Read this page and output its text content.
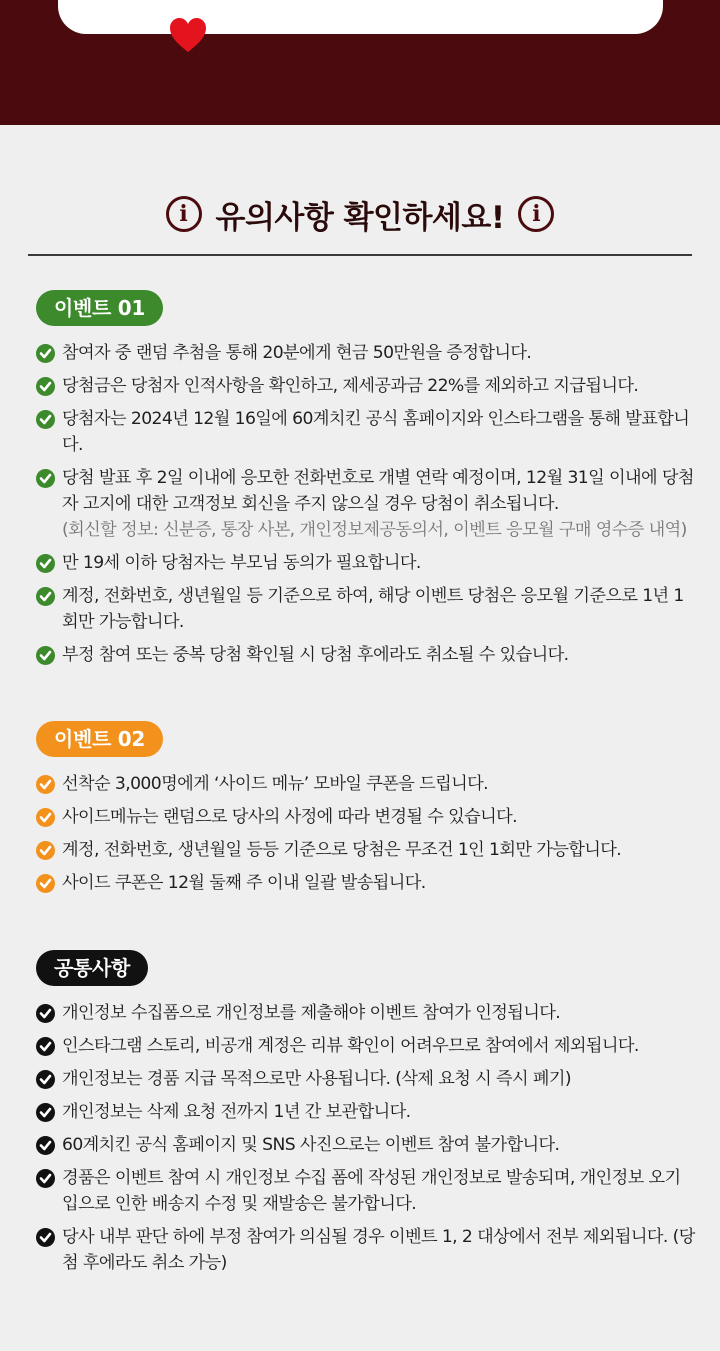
i 유의사항 확인하세요!	i
이벤트 01
참여자 중 랜덤 추첨을 통해 20분에게 현금 50만원을 증정합니다.
당첨금은 당첨자 인적사항을 확인하고, 제세공과금 22%를 제외하고 지급됩니다.
당첨자는 2024년 12월 16일에 60계치킨 공식 홈페이지와 인스타그램을 통해 발표합니다.
당첨 발표 후 2일 이내에 응모한 전화번호로 개별 연락 예정이며, 12월 31일 이내에 당첨자 고지에 대한 고객정보 회신을 주지 않으실 경우 당첨이 취소됩니다.
(회신할 정보: 신분증, 통장 사본, 개인정보제공동의서, 이벤트 응모월 구매 영수증 내역)
만 19세 이하 당첨자는 부모님 동의가 필요합니다.
계정, 전화번호, 생년월일 등 기준으로 하여, 해당 이벤트 당첨은 응모월 기준으로 1년 1회만 가능합니다.
부정 참여 또는 중복 당첨 확인될 시 당첨 후에라도 취소될 수 있습니다.
이벤트 02
선착순 3,000명에게 ‘사이드 메뉴’ 모바일 쿠폰을 드립니다.
사이드메뉴는 랜덤으로 당사의 사정에 따라 변경될 수 있습니다.
계정, 전화번호, 생년월일 등등 기준으로 당첨은 무조건 1인 1회만 가능합니다.
사이드 쿠폰은 12월 둘째 주 이내 일괄 발송됩니다.
공통사항
개인정보 수집폼으로 개인정보를 제출해야 이벤트 참여가 인정됩니다.
인스타그램 스토리, 비공개 계정은 리뷰 확인이 어려우므로 참여에서 제외됩니다.
개인정보는 경품 지급 목적으로만 사용됩니다. (삭제 요청 시 즉시 폐기)
개인정보는 삭제 요청 전까지 1년 간 보관합니다.
60계치킨 공식 홈페이지 및 SNS 사진으로는 이벤트 참여 불가합니다.
경품은 이벤트 참여 시 개인정보 수집 폼에 작성된 개인정보로 발송되며, 개인정보 오기입으로 인한 배송지 수정 및 재발송은 불가합니다.
당사 내부 판단 하에 부정 참여가 의심될 경우 이벤트 1, 2 대상에서 전부 제외됩니다. (당첨 후에라도 취소 가능)
